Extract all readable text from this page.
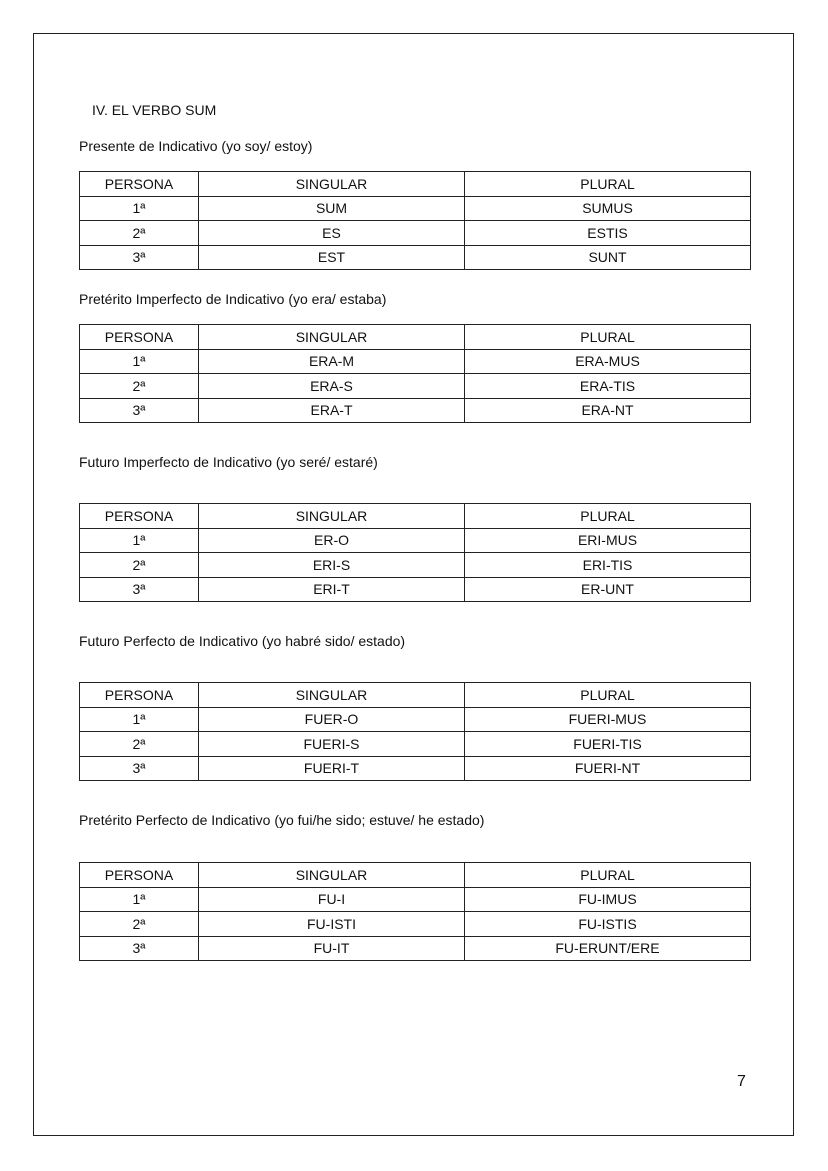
IV. EL VERBO SUM
Presente de Indicativo (yo soy/ estoy)
PERSONA	SINGULAR	PLURAL
1ª	SUM	SUMUS
2ª	ES	ESTIS
3ª	EST	SUNT
Pretérito Imperfecto de Indicativo (yo era/ estaba)
PERSONA	SINGULAR	PLURAL
1ª	ERA-M	ERA-MUS
2ª	ERA-S	ERA-TIS
3ª	ERA-T	ERA-NT
Futuro Imperfecto de Indicativo (yo seré/ estaré)
PERSONA	SINGULAR	PLURAL
1ª	ER-O	ERI-MUS
2ª	ERI-S	ERI-TIS
3ª	ERI-T	ER-UNT
Futuro Perfecto de Indicativo (yo habré sido/ estado)
PERSONA	SINGULAR	PLURAL
1ª	FUER-O	FUERI-MUS
2ª	FUERI-S	FUERI-TIS
3ª	FUERI-T	FUERI-NT
Pretérito Perfecto de Indicativo (yo fui/he sido; estuve/ he estado)
PERSONA	SINGULAR	PLURAL
1ª	FU-I	FU-IMUS
2ª	FU-ISTI	FU-ISTIS
3ª	FU-IT	FU-ERUNT/ERE
7
